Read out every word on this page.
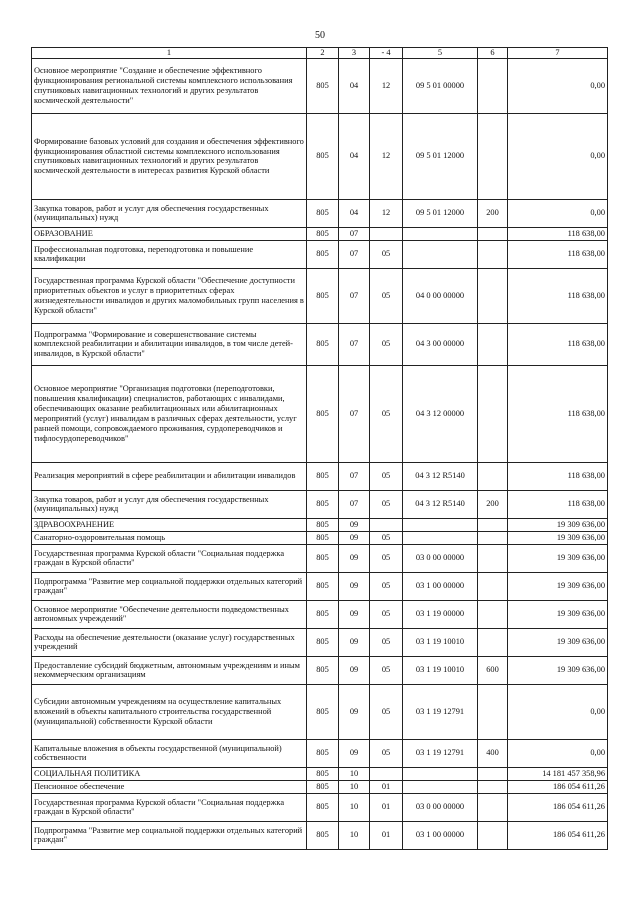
50
1	2	3	- 4	5	6	7
Основное мероприятие "Создание и обеспечение эффективного функционирования региональной системы комплексного использования спутниковых навигационных технологий и других результатов космической деятельности"	805	04	12	09 5 01 00000		0,00
Формирование базовых условий для создания и обеспечения эффективного функционирования областной системы комплексного использования спутниковых навигационных технологий и других результатов космической деятельности в интересах развития Курской области	805	04	12	09 5 01 12000		0,00
Закупка товаров, работ и услуг для обеспечения государственных (муниципальных) нужд	805	04	12	09 5 01 12000	200	0,00
ОБРАЗОВАНИЕ	805	07				118 638,00
Профессиональная подготовка, переподготовка и повышение квалификации	805	07	05			118 638,00
Государственная программа Курской области "Обеспечение доступности приоритетных объектов и услуг в приоритетных сферах жизнедеятельности инвалидов и других маломобильных групп населения в Курской области"	805	07	05	04 0 00 00000		118 638,00
Подпрограмма "Формирование и совершенствование системы комплексной реабилитации и абилитации инвалидов, в том числе детей-инвалидов, в Курской области"	805	07	05	04 3 00 00000		118 638,00
Основное мероприятие "Организация подготовки (переподготовки, повышения квалификации) специалистов, работающих с инвалидами, обеспечивающих оказание реабилитационных или абилитационных мероприятий (услуг) инвалидам в различных сферах деятельности, услуг ранней помощи, сопровождаемого проживания, сурдопереводчиков и тифлосурдопереводчиков"	805	07	05	04 3 12 00000		118 638,00
Реализация мероприятий в сфере реабилитации и абилитации инвалидов	805	07	05	04 3 12 R5140		118 638,00
Закупка товаров, работ и услуг для обеспечения государственных (муниципальных) нужд	805	07	05	04 3 12 R5140	200	118 638,00
ЗДРАВООХРАНЕНИЕ	805	09				19 309 636,00
Санаторно-оздоровительная помощь	805	09	05			19 309 636,00
Государственная программа Курской области "Социальная поддержка граждан в Курской области"	805	09	05	03 0 00 00000		19 309 636,00
Подпрограмма "Развитие мер социальной поддержки отдельных категорий граждан"	805	09	05	03 1 00 00000		19 309 636,00
Основное мероприятие "Обеспечение деятельности подведомственных автономных учреждений"	805	09	05	03 1 19 00000		19 309 636,00
Расходы на обеспечение деятельности (оказание услуг) государственных учреждений	805	09	05	03 1 19 10010		19 309 636,00
Предоставление субсидий бюджетным, автономным учреждениям и иным некоммерческим организациям	805	09	05	03 1 19 10010	600	19 309 636,00
Субсидии автономным учреждениям на осуществление капитальных вложений в объекты капитального строительства государственной (муниципальной) собственности Курской области	805	09	05	03 1 19 12791		0,00
Капитальные вложения в объекты государственной (муниципальной) собственности	805	09	05	03 1 19 12791	400	0,00
СОЦИАЛЬНАЯ ПОЛИТИКА	805	10				14 181 457 358,96
Пенсионное обеспечение	805	10	01			186 054 611,26
Государственная программа Курской области "Социальная поддержка граждан в Курской области"	805	10	01	03 0 00 00000		186 054 611,26
Подпрограмма "Развитие мер социальной поддержки отдельных категорий граждан"	805	10	01	03 1 00 00000		186 054 611,26
